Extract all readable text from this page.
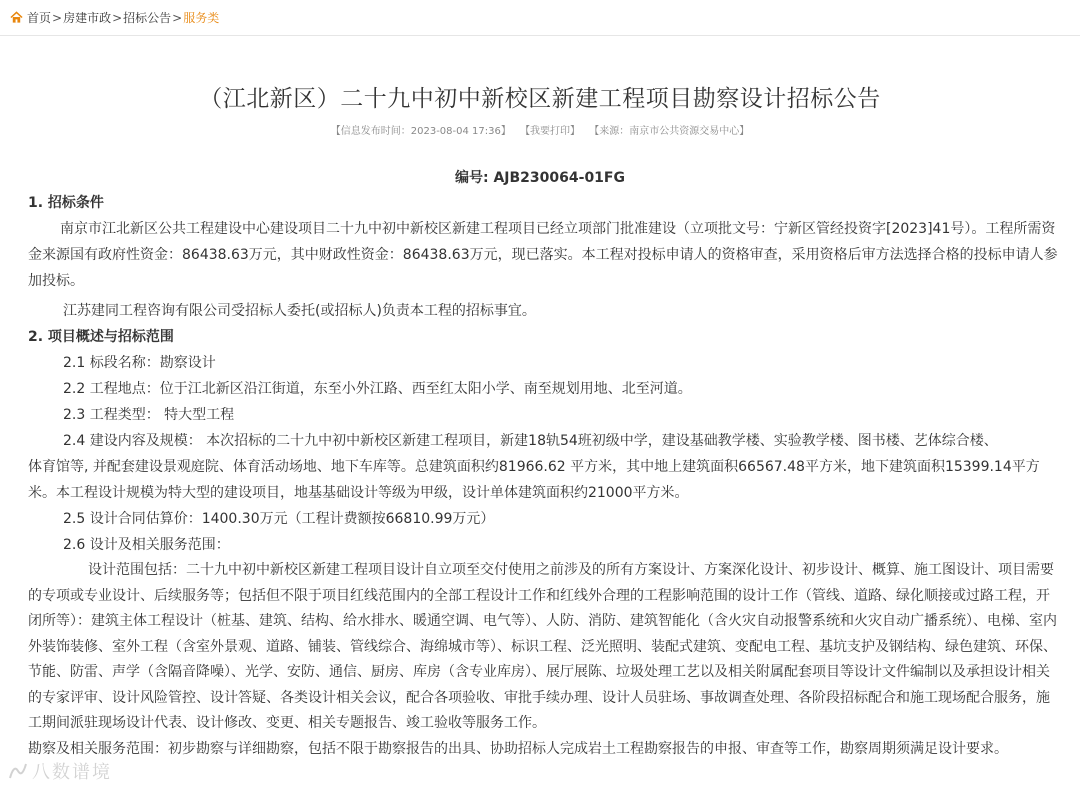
首页 > 房建市政 > 招标公告 > 服务类
（江北新区）二十九中初中新校区新建工程项目勘察设计招标公告
【信息发布时间：2023-08-04 17:36】 【我要打印】 【来源：南京市公共资源交易中心】
编号: AJB230064-01FG

1. 招标条件

南京市江北新区公共工程建设中心建设项目二十九中初中新校区新建工程项目已经立项部门批准建设（立项批文号：宁新区管经投资字[2023]41号）。工程所需资金来源国有政府性资金：86438.63万元，其中财政性资金：86438.63万元，现已落实。本工程对投标申请人的资格审查，采用资格后审方法选择合格的投标申请人参加投标。

江苏建同工程咨询有限公司受招标人委托(或招标人)负责本工程的招标事宜。

2. 项目概述与招标范围

2.1 标段名称：勘察设计

2.2 工程地点：位于江北新区沿江街道，东至小外江路、西至红太阳小学、南至规划用地、北至河道。

2.3 工程类型： 特大型工程

2.4 建设内容及规模： 本次招标的二十九中初中新校区新建工程项目，新建18轨54班初级中学，建设基础教学楼、实验教学楼、图书楼、艺体综合楼、

体育馆等, 并配套建设景观庭院、体育活动场地、地下车库等。总建筑面积约81966.62 平方米，其中地上建筑面积66567.48平方米，地下建筑面积15399.14平方米。本工程设计规模为特大型的建设项目，地基基础设计等级为甲级，设计单体建筑面积约21000平方米。

2.5 设计合同估算价：1400.30万元（工程计费额按66810.99万元）

2.6 设计及相关服务范围：

设计范围包括：二十九中初中新校区新建工程项目设计自立项至交付使用之前涉及的所有方案设计、方案深化设计、初步设计、概算、施工图设计、项目需要的专项或专业设计、后续服务等；包括但不限于项目红线范围内的全部工程设计工作和红线外合理的工程影响范围的设计工作（管线、道路、绿化顺接或过路工程，开闭所等）：建筑主体工程设计（桩基、建筑、结构、给水排水、暖通空调、电气等）、人防、消防、建筑智能化（含火灾自动报警系统和火灾自动广播系统）、电梯、室内外装饰装修、室外工程（含室外景观、道路、铺装、管线综合、海绵城市等）、标识工程、泛光照明、装配式建筑、变配电工程、基坑支护及钢结构、绿色建筑、环保、节能、防雷、声学（含隔音降噪）、光学、安防、通信、厨房、库房（含专业库房）、展厅展陈、垃圾处理工艺以及相关附属配套项目等设计文件编制以及承担设计相关的专家评审、设计风险管控、设计答疑、各类设计相关会议，配合各项验收、审批手续办理、设计人员驻场、事故调查处理、各阶段招标配合和施工现场配合服务，施工期间派驻现场设计代表、设计修改、变更、相关专题报告、竣工验收等服务工作。

勘察及相关服务范围：初步勘察与详细勘察，包括不限于勘察报告的出具、协助招标人完成岩土工程勘察报告的申报、审查等工作，勘察周期须满足设计要求。

八数谱境
